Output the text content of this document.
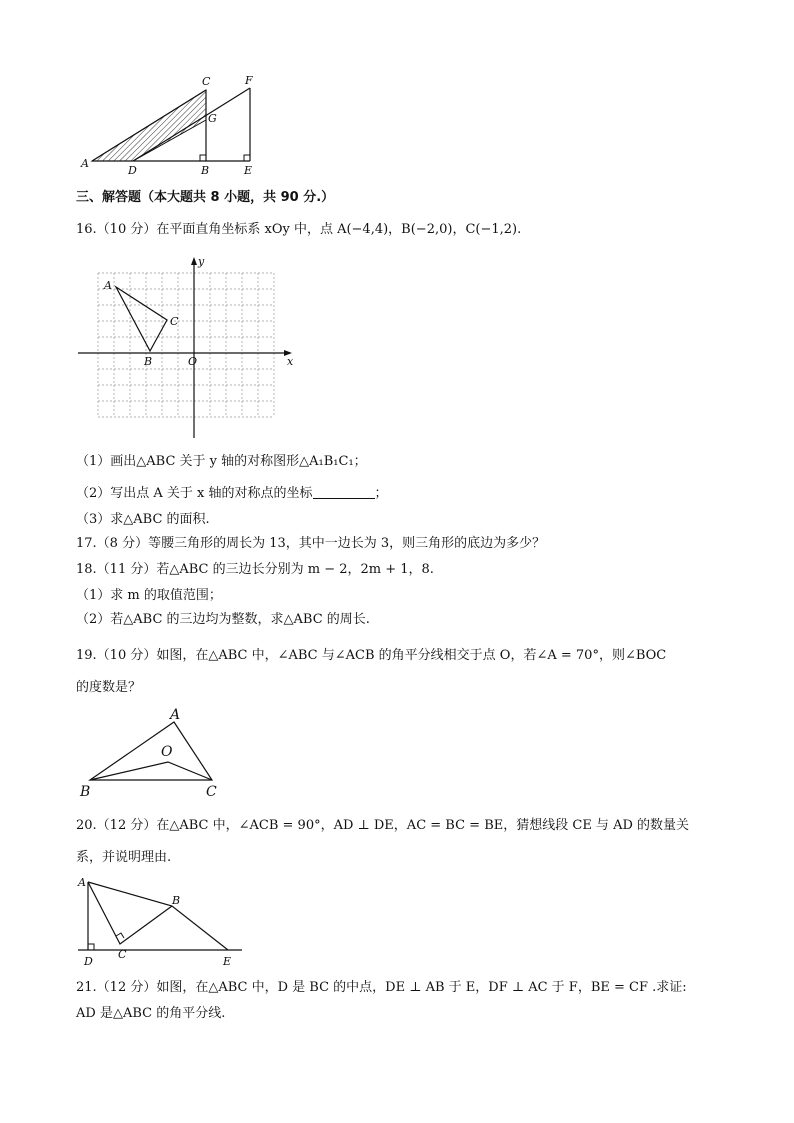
A
D	B	E
C	F
G
三、解答题（本大题共 8 小题，共 90 分.）
16.（10 分）在平面直角坐标系 xOy 中，点 A(−4,4)，B(−2,0)，C(−1,2).
y
x
O
A
B
C
（1）画出△ABC 关于 y 轴的对称图形△A₁B₁C₁；
（2）写出点 A 关于 x 轴的对称点的坐标	；
（3）求△ABC 的面积.
17.（8 分）等腰三角形的周长为 13，其中一边长为 3，则三角形的底边为多少？
18.（11 分）若△ABC 的三边长分别为 m − 2，2m + 1，8.
（1）求 m 的取值范围；
（2）若△ABC 的三边均为整数，求△ABC 的周长.
19.（10 分）如图，在△ABC 中，∠ABC 与∠ACB 的角平分线相交于点 O，若∠A = 70°，则∠BOC
的度数是？
A
O
B	C
20.（12 分）在△ABC 中，∠ACB = 90°，AD ⊥ DE，AC = BC = BE，猜想线段 CE 与 AD 的数量关
系，并说明理由.
A
B
C
D	E
21.（12 分）如图，在△ABC 中，D 是 BC 的中点，DE ⊥ AB 于 E，DF ⊥ AC 于 F，BE = CF .求证:
AD 是△ABC 的角平分线.
